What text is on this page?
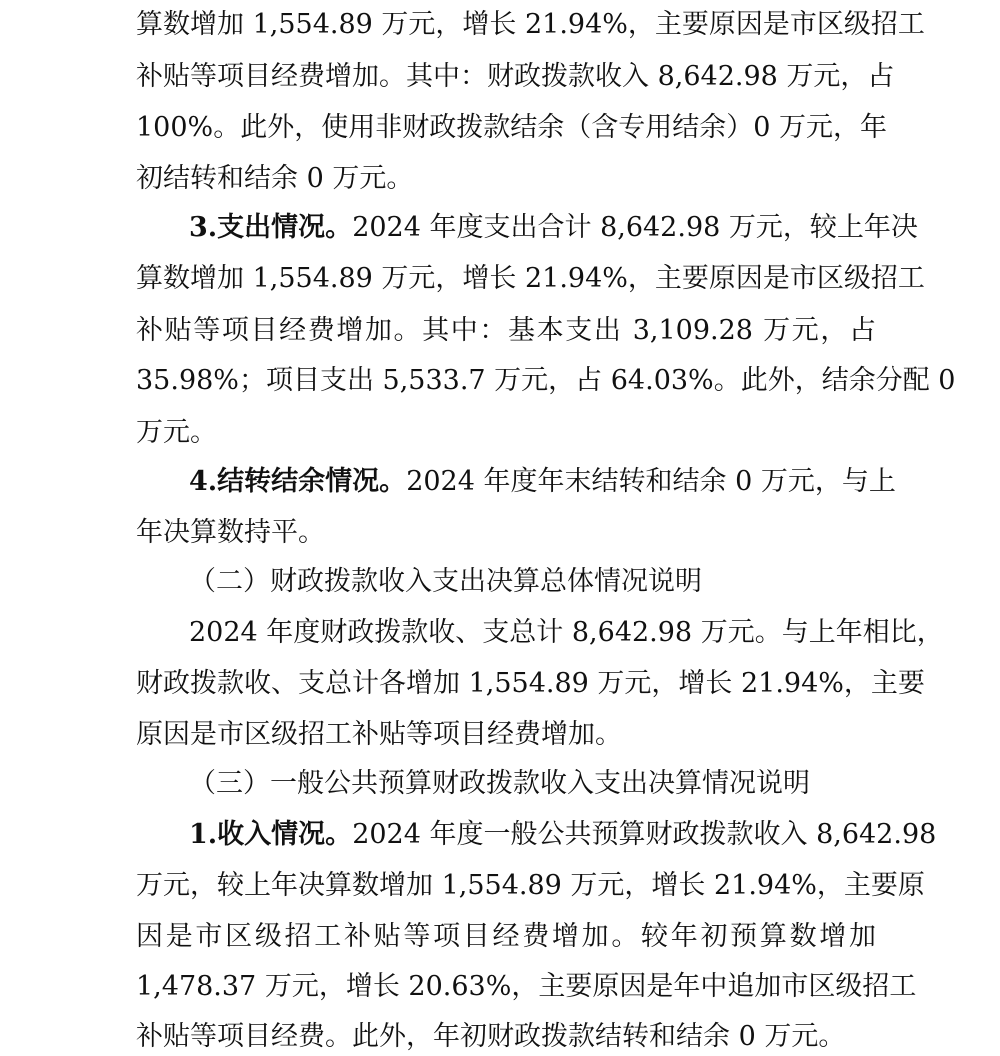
算数增加 1,554.89 万元，增长 21.94%，主要原因是市区级招工
补贴等项目经费增加。其中：财政拨款收入 8,642.98 万元，占
100%。此外，使用非财政拨款结余（含专用结余）0 万元，年
初结转和结余 0 万元。
3.支出情况。2024 年度支出合计 8,642.98 万元，较上年决
算数增加 1,554.89 万元，增长 21.94%，主要原因是市区级招工
补贴等项目经费增加。其中：基本支出 3,109.28 万元，占
35.98%；项目支出 5,533.7 万元，占 64.03%。此外，结余分配 0
万元。
4.结转结余情况。2024 年度年末结转和结余 0 万元，与上
年决算数持平。
（二）财政拨款收入支出决算总体情况说明
2024 年度财政拨款收、支总计 8,642.98 万元。与上年相比，
财政拨款收、支总计各增加 1,554.89 万元，增长 21.94%，主要
原因是市区级招工补贴等项目经费增加。
（三）一般公共预算财政拨款收入支出决算情况说明
1.收入情况。2024 年度一般公共预算财政拨款收入 8,642.98
万元，较上年决算数增加 1,554.89 万元，增长 21.94%，主要原
因是市区级招工补贴等项目经费增加。较年初预算数增加
1,478.37 万元，增长 20.63%，主要原因是年中追加市区级招工
补贴等项目经费。此外，年初财政拨款结转和结余 0 万元。
